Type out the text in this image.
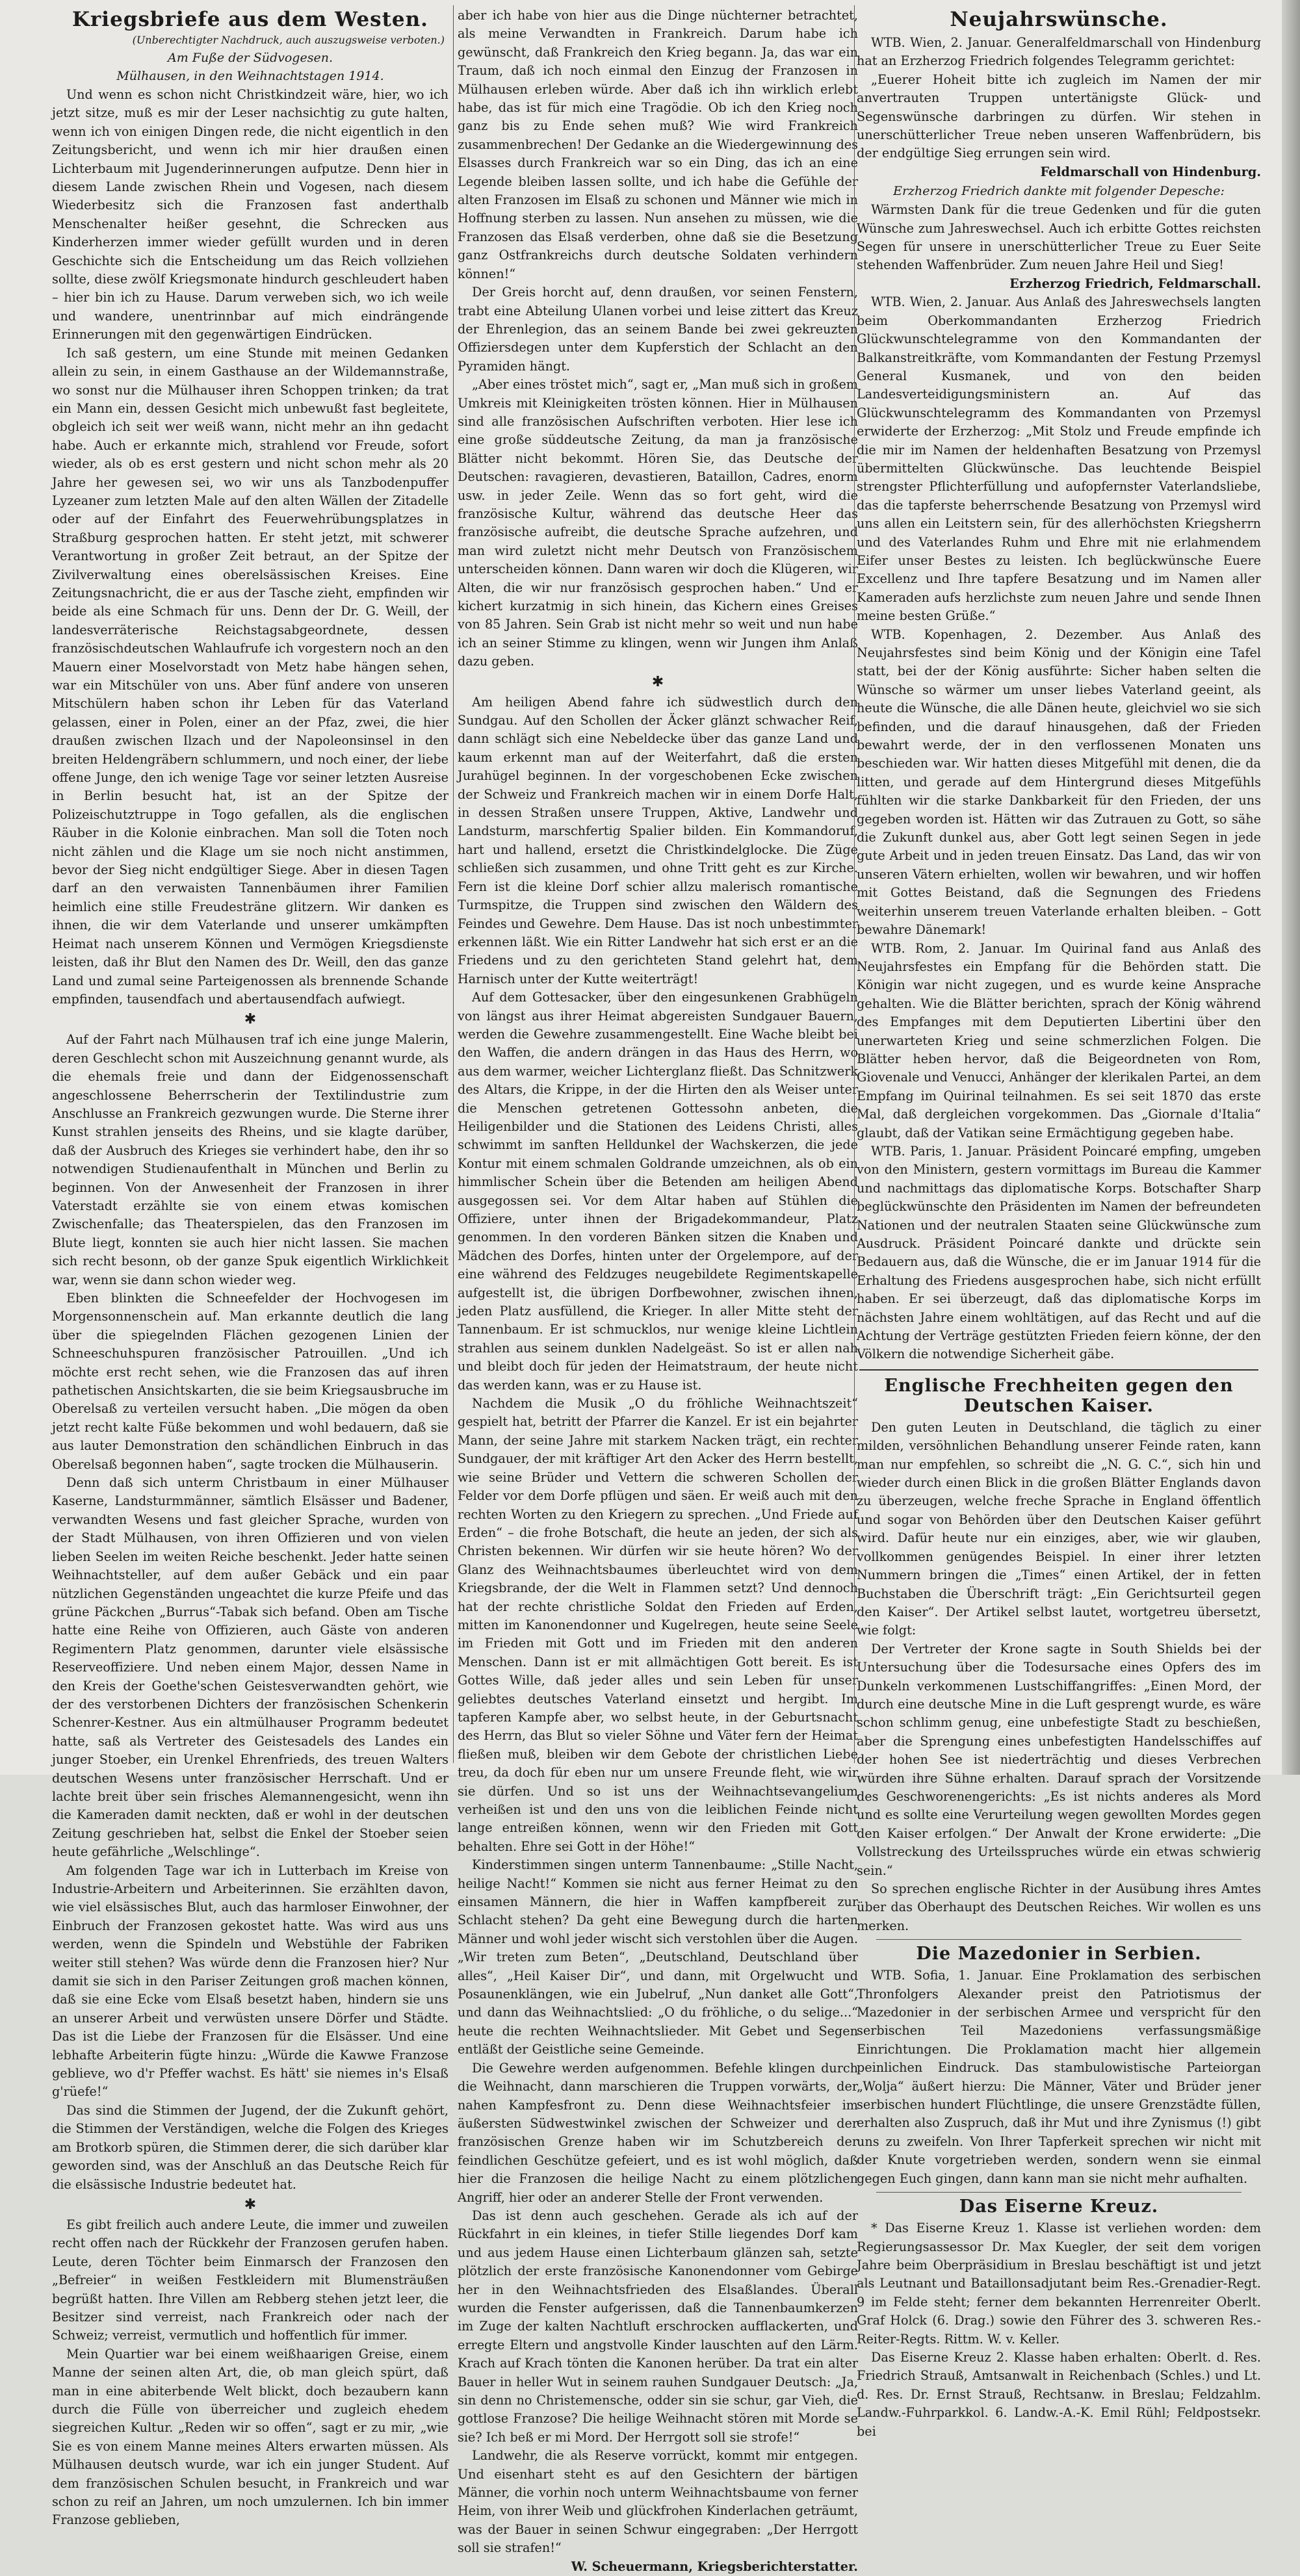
Kriegsbriefe aus dem Westen.

(Unberechtigter Nachdruck, auch auszugsweise verboten.)

Am Fuße der Südvogesen.

Mülhausen, in den Weihnachtstagen 1914.

Und wenn es schon nicht Christkindzeit wäre, hier, wo ich jetzt sitze, muß es mir der Leser nachsichtig zu gute halten, wenn ich von einigen Dingen rede, die nicht eigentlich in den Zeitungsbericht, und wenn ich mir hier draußen einen Lichterbaum mit Jugenderinnerungen aufputze. Denn hier in diesem Lande zwischen Rhein und Vogesen, nach diesem Wiederbesitz sich die Franzosen fast anderthalb Menschenalter heißer gesehnt, die Schrecken aus Kinderherzen immer wieder gefüllt wurden und in deren Geschichte sich die Entscheidung um das Reich vollziehen sollte, diese zwölf Kriegsmonate hindurch geschleudert haben – hier bin ich zu Hause. Darum verweben sich, wo ich weile und wandere, unentrinnbar auf mich eindrängende Erinnerungen mit den gegenwärtigen Eindrücken.

Ich saß gestern, um eine Stunde mit meinen Gedanken allein zu sein, in einem Gasthause an der Wildemannstraße, wo sonst nur die Mülhauser ihren Schoppen trinken; da trat ein Mann ein, dessen Gesicht mich unbewußt fast begleitete, obgleich ich seit wer weiß wann, nicht mehr an ihn gedacht habe. Auch er erkannte mich, strahlend vor Freude, sofort wieder, als ob es erst gestern und nicht schon mehr als 20 Jahre her gewesen sei, wo wir uns als Tanzbodenpuffer Lyzeaner zum letzten Male auf den alten Wällen der Zitadelle oder auf der Einfahrt des Feuerwehrübungsplatzes in Straßburg gesprochen hatten. Er steht jetzt, mit schwerer Verantwortung in großer Zeit betraut, an der Spitze der Zivilverwaltung eines oberelsässischen Kreises. Eine Zeitungsnachricht, die er aus der Tasche zieht, empfinden wir beide als eine Schmach für uns. Denn der Dr. G. Weill, der landesverräterische Reichstagsabgeordnete, dessen französischdeutschen Wahlaufrufe ich vorgestern noch an den Mauern einer Moselvorstadt von Metz habe hängen sehen, war ein Mitschüler von uns. Aber fünf andere von unseren Mitschülern haben schon ihr Leben für das Vaterland gelassen, einer in Polen, einer an der Pfaz, zwei, die hier draußen zwischen Ilzach und der Napoleonsinsel in den breiten Heldengräbern schlummern, und noch einer, der liebe offene Junge, den ich wenige Tage vor seiner letzten Ausreise in Berlin besucht hat, ist an der Spitze der Polizeischutztruppe in Togo gefallen, als die englischen Räuber in die Kolonie einbrachen. Man soll die Toten noch nicht zählen und die Klage um sie noch nicht anstimmen, bevor der Sieg nicht endgültiger Siege. Aber in diesen Tagen darf an den verwaisten Tannenbäumen ihrer Familien heimlich eine stille Freudesträne glitzern. Wir danken es ihnen, die wir dem Vaterlande und unserer umkämpften Heimat nach unserem Können und Vermögen Kriegsdienste leisten, daß ihr Blut den Namen des Dr. Weill, den das ganze Land und zumal seine Parteigenossen als brennende Schande empfinden, tausendfach und abertausendfach aufwiegt.

✱

Auf der Fahrt nach Mülhausen traf ich eine junge Malerin, deren Geschlecht schon mit Auszeichnung genannt wurde, als die ehemals freie und dann der Eidgenossenschaft angeschlossene Beherrscherin der Textilindustrie zum Anschlusse an Frankreich gezwungen wurde. Die Sterne ihrer Kunst strahlen jenseits des Rheins, und sie klagte darüber, daß der Ausbruch des Krieges sie verhindert habe, den ihr so notwendigen Studienaufenthalt in München und Berlin zu beginnen. Von der Anwesenheit der Franzosen in ihrer Vaterstadt erzählte sie von einem etwas komischen Zwischenfalle; das Theaterspielen, das den Franzosen im Blute liegt, konnten sie auch hier nicht lassen. Sie machen sich recht besonn, ob der ganze Spuk eigentlich Wirklichkeit war, wenn sie dann schon wieder weg.

Eben blinkten die Schneefelder der Hochvogesen im Morgensonnenschein auf. Man erkannte deutlich die lang über die spiegelnden Flächen gezogenen Linien der Schneeschuhspuren französischer Patrouillen. „Und ich möchte erst recht sehen, wie die Franzosen das auf ihren pathetischen Ansichtskarten, die sie beim Kriegsausbruche im Oberelsaß zu verteilen versucht haben. „Die mögen da oben jetzt recht kalte Füße bekommen und wohl bedauern, daß sie aus lauter Demonstration den schändlichen Einbruch in das Oberelsaß begonnen haben“, sagte trocken die Mülhauserin.

Denn daß sich unterm Christbaum in einer Mülhauser Kaserne, Landsturmmänner, sämtlich Elsässer und Badener, verwandten Wesens und fast gleicher Sprache, wurden von der Stadt Mülhausen, von ihren Offizieren und von vielen lieben Seelen im weiten Reiche beschenkt. Jeder hatte seinen Weihnachtsteller, auf dem außer Gebäck und ein paar nützlichen Gegenständen ungeachtet die kurze Pfeife und das grüne Päckchen „Burrus“-Tabak sich befand. Oben am Tische hatte eine Reihe von Offizieren, auch Gäste von anderen Regimentern Platz genommen, darunter viele elsässische Reserveoffiziere. Und neben einem Major, dessen Name in den Kreis der Goethe'schen Geistesverwandten gehört, wie der des verstorbenen Dichters der französischen Schenkerin Schenrer-Kestner. Aus ein altmülhauser Programm bedeutet hatte, saß als Vertreter des Geistesadels des Landes ein junger Stoeber, ein Urenkel Ehrenfrieds, des treuen Walters deutschen Wesens unter französischer Herrschaft. Und er lachte breit über sein frisches Alemannengesicht, wenn ihn die Kameraden damit neckten, daß er wohl in der deutschen Zeitung geschrieben hat, selbst die Enkel der Stoeber seien heute gefährliche „Welschlinge“.

Am folgenden Tage war ich in Lutterbach im Kreise von Industrie-Arbeitern und Arbeiterinnen. Sie erzählten davon, wie viel elsässisches Blut, auch das harmloser Einwohner, der Einbruch der Franzosen gekostet hatte. Was wird aus uns werden, wenn die Spindeln und Webstühle der Fabriken weiter still stehen? Was würde denn die Franzosen hier? Nur damit sie sich in den Pariser Zeitungen groß machen können, daß sie eine Ecke vom Elsaß besetzt haben, hindern sie uns an unserer Arbeit und verwüsten unsere Dörfer und Städte. Das ist die Liebe der Franzosen für die Elsässer. Und eine lebhafte Arbeiterin fügte hinzu: „Würde die Kawwe Franzose geblieve, wo d'r Pfeffer wachst. Es hätt' sie niemes in's Elsaß g'rüefe!“

Das sind die Stimmen der Jugend, der die Zukunft gehört, die Stimmen der Verständigen, welche die Folgen des Krieges am Brotkorb spüren, die Stimmen derer, die sich darüber klar geworden sind, was der Anschluß an das Deutsche Reich für die elsässische Industrie bedeutet hat.

✱

Es gibt freilich auch andere Leute, die immer und zuweilen recht offen nach der Rückkehr der Franzosen gerufen haben. Leute, deren Töchter beim Einmarsch der Franzosen den „Befreier“ in weißen Festkleidern mit Blumensträußen begrüßt hatten. Ihre Villen am Rebberg stehen jetzt leer, die Besitzer sind verreist, nach Frankreich oder nach der Schweiz; verreist, vermutlich und hoffentlich für immer.

Mein Quartier war bei einem weißhaarigen Greise, einem Manne der seinen alten Art, die, ob man gleich spürt, daß man in eine abiterbende Welt blickt, doch bezaubern kann durch die Fülle von überreicher und zugleich ehedem siegreichen Kultur. „Reden wir so offen“, sagt er zu mir, „wie Sie es von einem Manne meines Alters erwarten müssen. Als Mülhausen deutsch wurde, war ich ein junger Student. Auf dem französischen Schulen besucht, in Frankreich und war schon zu reif an Jahren, um noch umzulernen. Ich bin immer Franzose geblieben,

aber ich habe von hier aus die Dinge nüchterner betrachtet, als meine Verwandten in Frankreich. Darum habe ich gewünscht, daß Frankreich den Krieg begann. Ja, das war ein Traum, daß ich noch einmal den Einzug der Franzosen in Mülhausen erleben würde. Aber daß ich ihn wirklich erlebt habe, das ist für mich eine Tragödie. Ob ich den Krieg noch ganz bis zu Ende sehen muß? Wie wird Frankreich zusammenbrechen! Der Gedanke an die Wiedergewinnung des Elsasses durch Frankreich war so ein Ding, das ich an eine Legende bleiben lassen sollte, und ich habe die Gefühle der alten Franzosen im Elsaß zu schonen und Männer wie mich in Hoffnung sterben zu lassen. Nun ansehen zu müssen, wie die Franzosen das Elsaß verderben, ohne daß sie die Besetzung ganz Ostfrankreichs durch deutsche Soldaten verhindern können!“

Der Greis horcht auf, denn draußen, vor seinen Fenstern, trabt eine Abteilung Ulanen vorbei und leise zittert das Kreuz der Ehrenlegion, das an seinem Bande bei zwei gekreuzten Offiziersdegen unter dem Kupferstich der Schlacht an den Pyramiden hängt.

„Aber eines tröstet mich“, sagt er, „Man muß sich in großem Umkreis mit Kleinigkeiten trösten können. Hier in Mülhausen sind alle französischen Aufschriften verboten. Hier lese ich eine große süddeutsche Zeitung, da man ja französische Blätter nicht bekommt. Hören Sie, das Deutsche der Deutschen: ravagieren, devastieren, Bataillon, Cadres, enorm usw. in jeder Zeile. Wenn das so fort geht, wird die französische Kultur, während das deutsche Heer das französische aufreibt, die deutsche Sprache aufzehren, und man wird zuletzt nicht mehr Deutsch von Französischem unterscheiden können. Dann waren wir doch die Klügeren, wir Alten, die wir nur französisch gesprochen haben.“ Und er kichert kurzatmig in sich hinein, das Kichern eines Greises von 85 Jahren. Sein Grab ist nicht mehr so weit und nun habe ich an seiner Stimme zu klingen, wenn wir Jungen ihm Anlaß dazu geben.

✱

Am heiligen Abend fahre ich südwestlich durch den Sundgau. Auf den Schollen der Äcker glänzt schwacher Reif, dann schlägt sich eine Nebeldecke über das ganze Land und kaum erkennt man auf der Weiterfahrt, daß die ersten Jurahügel beginnen. In der vorgeschobenen Ecke zwischen der Schweiz und Frankreich machen wir in einem Dorfe Halt, in dessen Straßen unsere Truppen, Aktive, Landwehr und Landsturm, marschfertig Spalier bilden. Ein Kommandoruf, hart und hallend, ersetzt die Christkindelglocke. Die Züge schließen sich zusammen, und ohne Tritt geht es zur Kirche. Fern ist die kleine Dorf schier allzu malerisch romantische Turmspitze, die Truppen sind zwischen den Wäldern des Feindes und Gewehre. Dem Hause. Das ist noch unbestimmter erkennen läßt. Wie ein Ritter Landwehr hat sich erst er an die Friedens und zu den gerichteten Stand gelehrt hat, dem Harnisch unter der Kutte weiterträgt!

Auf dem Gottesacker, über den eingesunkenen Grabhügeln von längst aus ihrer Heimat abgereisten Sundgauer Bauern, werden die Gewehre zusammengestellt. Eine Wache bleibt bei den Waffen, die andern drängen in das Haus des Herrn, wo aus dem warmer, weicher Lichterglanz fließt. Das Schnitzwerk des Altars, die Krippe, in der die Hirten den als Weiser unter die Menschen getretenen Gottessohn anbeten, die Heiligenbilder und die Stationen des Leidens Christi, alles schwimmt im sanften Helldunkel der Wachskerzen, die jede Kontur mit einem schmalen Goldrande umzeichnen, als ob ein himmlischer Schein über die Betenden am heiligen Abend ausgegossen sei. Vor dem Altar haben auf Stühlen die Offiziere, unter ihnen der Brigadekommandeur, Platz genommen. In den vorderen Bänken sitzen die Knaben und Mädchen des Dorfes, hinten unter der Orgelempore, auf der eine während des Feldzuges neugebildete Regimentskapelle aufgestellt ist, die übrigen Dorfbewohner, zwischen ihnen, jeden Platz ausfüllend, die Krieger. In aller Mitte steht der Tannenbaum. Er ist schmucklos, nur wenige kleine Lichtlein strahlen aus seinem dunklen Nadelgeäst. So ist er allen nah und bleibt doch für jeden der Heimatstraum, der heute nicht das werden kann, was er zu Hause ist.

Nachdem die Musik „O du fröhliche Weihnachtszeit“ gespielt hat, betritt der Pfarrer die Kanzel. Er ist ein bejahrter Mann, der seine Jahre mit starkem Nacken trägt, ein rechter Sundgauer, der mit kräftiger Art den Acker des Herrn bestellt, wie seine Brüder und Vettern die schweren Schollen der Felder vor dem Dorfe pflügen und säen. Er weiß auch mit den rechten Worten zu den Kriegern zu sprechen. „Und Friede auf Erden“ – die frohe Botschaft, die heute an jeden, der sich als Christen bekennen. Wir dürfen wir sie heute hören? Wo der Glanz des Weihnachtsbaumes überleuchtet wird von dem Kriegsbrande, der die Welt in Flammen setzt? Und dennoch hat der rechte christliche Soldat den Frieden auf Erden, mitten im Kanonendonner und Kugelregen, heute seine Seele im Frieden mit Gott und im Frieden mit den anderen Menschen. Dann ist er mit allmächtigen Gott bereit. Es ist Gottes Wille, daß jeder alles und sein Leben für unser geliebtes deutsches Vaterland einsetzt und hergibt. Im tapferen Kampfe aber, wo selbst heute, in der Geburtsnacht des Herrn, das Blut so vieler Söhne und Väter fern der Heimat fließen muß, bleiben wir dem Gebote der christlichen Liebe treu, da doch für eben nur um unsere Freunde fleht, wie wir sie dürfen. Und so ist uns der Weihnachtsevangelium verheißen ist und den uns von die leiblichen Feinde nicht lange entreißen können, wenn wir den Frieden mit Gott behalten. Ehre sei Gott in der Höhe!“

Kinderstimmen singen unterm Tannenbaume: „Stille Nacht, heilige Nacht!“ Kommen sie nicht aus ferner Heimat zu den einsamen Männern, die hier in Waffen kampfbereit zur Schlacht stehen? Da geht eine Bewegung durch die harten Männer und wohl jeder wischt sich verstohlen über die Augen. „Wir treten zum Beten“, „Deutschland, Deutschland über alles“, „Heil Kaiser Dir“, und dann, mit Orgelwucht und Posaunenklängen, wie ein Jubelruf, „Nun danket alle Gott“, und dann das Weihnachtslied: „O du fröhliche, o du selige...“ heute die rechten Weihnachtslieder. Mit Gebet und Segen entläßt der Geistliche seine Gemeinde.

Die Gewehre werden aufgenommen. Befehle klingen durch die Weihnacht, dann marschieren die Truppen vorwärts, der nahen Kampfesfront zu. Denn diese Weihnachtsfeier im äußersten Südwestwinkel zwischen der Schweizer und der französischen Grenze haben wir im Schutzbereich der feindlichen Geschütze gefeiert, und es ist wohl möglich, daß hier die Franzosen die heilige Nacht zu einem plötzlichen Angriff, hier oder an anderer Stelle der Front verwenden.

Das ist denn auch geschehen. Gerade als ich auf der Rückfahrt in ein kleines, in tiefer Stille liegendes Dorf kam und aus jedem Hause einen Lichterbaum glänzen sah, setzte plötzlich der erste französische Kanonendonner vom Gebirge her in den Weihnachtsfrieden des Elsaßlandes. Überall wurden die Fenster aufgerissen, daß die Tannenbaumkerzen im Zuge der kalten Nachtluft erschrocken aufflackerten, und erregte Eltern und angstvolle Kinder lauschten auf den Lärm. Krach auf Krach tönten die Kanonen herüber. Da trat ein alter Bauer in heller Wut in seinem rauhen Sundgauer Deutsch: „Ja, sin denn no Christemensche, odder sin sie schur, gar Vieh, die gottlose Franzose? Die heilige Weihnacht stören mit Morde se sie? Ich beß er mi Mord. Der Herrgott soll sie strofe!“

Landwehr, die als Reserve vorrückt, kommt mir entgegen. Und eisenhart steht es auf den Gesichtern der bärtigen Männer, die vorhin noch unterm Weihnachtsbaume von ferner Heim, von ihrer Weib und glückfrohen Kinderlachen geträumt, was der Bauer in seinen Schwur eingegraben: „Der Herrgott soll sie strafen!“

W. Scheuermann, Kriegsberichterstatter.

Neujahrswünsche.

WTB. Wien, 2. Januar. Generalfeldmarschall von Hindenburg hat an Erzherzog Friedrich folgendes Telegramm gerichtet:

„Euerer Hoheit bitte ich zugleich im Namen der mir anvertrauten Truppen untertänigste Glück- und Segenswünsche darbringen zu dürfen. Wir stehen in unerschütterlicher Treue neben unseren Waffenbrüdern, bis der endgültige Sieg errungen sein wird.

Feldmarschall von Hindenburg.

Erzherzog Friedrich dankte mit folgender Depesche:

Wärmsten Dank für die treue Gedenken und für die guten Wünsche zum Jahreswechsel. Auch ich erbitte Gottes reichsten Segen für unsere in unerschütterlicher Treue zu Euer Seite stehenden Waffenbrüder. Zum neuen Jahre Heil und Sieg!

Erzherzog Friedrich, Feldmarschall.

WTB. Wien, 2. Januar. Aus Anlaß des Jahreswechsels langten beim Oberkommandanten Erzherzog Friedrich Glückwunschtelegramme von den Kommandanten der Balkanstreitkräfte, vom Kommandanten der Festung Przemysl General Kusmanek, und von den beiden Landesverteidigungsministern an. Auf das Glückwunschtelegramm des Kommandanten von Przemysl erwiderte der Erzherzog: „Mit Stolz und Freude empfinde ich die mir im Namen der heldenhaften Besatzung von Przemysl übermittelten Glückwünsche. Das leuchtende Beispiel strengster Pflichterfüllung und aufopfernster Vaterlandsliebe, das die tapferste beherrschende Besatzung von Przemysl wird uns allen ein Leitstern sein, für des allerhöchsten Kriegsherrn und des Vaterlandes Ruhm und Ehre mit nie erlahmendem Eifer unser Bestes zu leisten. Ich beglückwünsche Euere Excellenz und Ihre tapfere Besatzung und im Namen aller Kameraden aufs herzlichste zum neuen Jahre und sende Ihnen meine besten Grüße.“

WTB. Kopenhagen, 2. Dezember. Aus Anlaß des Neujahrsfestes sind beim König und der Königin eine Tafel statt, bei der der König ausführte: Sicher haben selten die Wünsche so wärmer um unser liebes Vaterland geeint, als heute die Wünsche, die alle Dänen heute, gleichviel wo sie sich befinden, und die darauf hinausgehen, daß der Frieden bewahrt werde, der in den verflossenen Monaten uns beschieden war. Wir hatten dieses Mitgefühl mit denen, die da litten, und gerade auf dem Hintergrund dieses Mitgefühls fühlten wir die starke Dankbarkeit für den Frieden, der uns gegeben worden ist. Hätten wir das Zutrauen zu Gott, so sähe die Zukunft dunkel aus, aber Gott legt seinen Segen in jede gute Arbeit und in jeden treuen Einsatz. Das Land, das wir von unseren Vätern erhielten, wollen wir bewahren, und wir hoffen mit Gottes Beistand, daß die Segnungen des Friedens weiterhin unserem treuen Vaterlande erhalten bleiben. – Gott bewahre Dänemark!

WTB. Rom, 2. Januar. Im Quirinal fand aus Anlaß des Neujahrsfestes ein Empfang für die Behörden statt. Die Königin war nicht zugegen, und es wurde keine Ansprache gehalten. Wie die Blätter berichten, sprach der König während des Empfanges mit dem Deputierten Libertini über den unerwarteten Krieg und seine schmerzlichen Folgen. Die Blätter heben hervor, daß die Beigeordneten von Rom, Giovenale und Venucci, Anhänger der klerikalen Partei, an dem Empfang im Quirinal teilnahmen. Es sei seit 1870 das erste Mal, daß dergleichen vorgekommen. Das „Giornale d'Italia“ glaubt, daß der Vatikan seine Ermächtigung gegeben habe.

WTB. Paris, 1. Januar. Präsident Poincaré empfing, umgeben von den Ministern, gestern vormittags im Bureau die Kammer und nachmittags das diplomatische Korps. Botschafter Sharp beglückwünschte den Präsidenten im Namen der befreundeten Nationen und der neutralen Staaten seine Glückwünsche zum Ausdruck. Präsident Poincaré dankte und drückte sein Bedauern aus, daß die Wünsche, die er im Januar 1914 für die Erhaltung des Friedens ausgesprochen habe, sich nicht erfüllt haben. Er sei überzeugt, daß das diplomatische Korps im nächsten Jahre einem wohltätigen, auf das Recht und auf die Achtung der Verträge gestützten Frieden feiern könne, der den Völkern die notwendige Sicherheit gäbe.

Englische Frechheiten gegen den Deutschen Kaiser.

Den guten Leuten in Deutschland, die täglich zu einer milden, versöhnlichen Behandlung unserer Feinde raten, kann man nur empfehlen, so schreibt die „N. G. C.“, sich hin und wieder durch einen Blick in die großen Blätter Englands davon zu überzeugen, welche freche Sprache in England öffentlich und sogar von Behörden über den Deutschen Kaiser geführt wird. Dafür heute nur ein einziges, aber, wie wir glauben, vollkommen genügendes Beispiel. In einer ihrer letzten Nummern bringen die „Times“ einen Artikel, der in fetten Buchstaben die Überschrift trägt: „Ein Gerichtsurteil gegen den Kaiser“. Der Artikel selbst lautet, wortgetreu übersetzt, wie folgt:

Der Vertreter der Krone sagte in South Shields bei der Untersuchung über die Todesursache eines Opfers des im Dunkeln verkommenen Lustschiffangriffes: „Einen Mord, der durch eine deutsche Mine in die Luft gesprengt wurde, es wäre schon schlimm genug, eine unbefestigte Stadt zu beschießen, aber die Sprengung eines unbefestigten Handelsschiffes auf der hohen See ist niederträchtig und dieses Verbrechen würden ihre Sühne erhalten. Darauf sprach der Vorsitzende des Geschworenengerichts: „Es ist nichts anderes als Mord und es sollte eine Verurteilung wegen gewollten Mordes gegen den Kaiser erfolgen.“ Der Anwalt der Krone erwiderte: „Die Vollstreckung des Urteilsspruches würde ein etwas schwierig sein.“

So sprechen englische Richter in der Ausübung ihres Amtes über das Oberhaupt des Deutschen Reiches. Wir wollen es uns merken.

Die Mazedonier in Serbien.

WTB. Sofia, 1. Januar. Eine Proklamation des serbischen Thronfolgers Alexander preist den Patriotismus der Mazedonier in der serbischen Armee und verspricht für den serbischen Teil Mazedoniens verfassungsmäßige Einrichtungen. Die Proklamation macht hier allgemein peinlichen Eindruck. Das stambulowistische Parteiorgan „Wolja“ äußert hierzu: Die Männer, Väter und Brüder jener serbischen hundert Flüchtlinge, die unsere Grenzstädte füllen, erhalten also Zuspruch, daß ihr Mut und ihre Zynismus (!) gibt uns zu zweifeln. Von Ihrer Tapferkeit sprechen wir nicht mit der Knute vorgetrieben werden, sondern wenn sie einmal gegen Euch gingen, dann kann man sie nicht mehr aufhalten.

Das Eiserne Kreuz.

* Das Eiserne Kreuz 1. Klasse ist verliehen worden: dem Regierungsassessor Dr. Max Kuegler, der seit dem vorigen Jahre beim Oberpräsidium in Breslau beschäftigt ist und jetzt als Leutnant und Bataillonsadjutant beim Res.-Grenadier-Regt. 9 im Felde steht; ferner dem bekannten Herrenreiter Oberlt. Graf Holck (6. Drag.) sowie den Führer des 3. schweren Res.-Reiter-Regts. Rittm. W. v. Keller.

Das Eiserne Kreuz 2. Klasse haben erhalten: Oberlt. d. Res. Friedrich Strauß, Amtsanwalt in Reichenbach (Schles.) und Lt. d. Res. Dr. Ernst Strauß, Rechtsanw. in Breslau; Feldzahlm. Landw.-Fuhrparkkol. 6. Landw.-A.-K. Emil Rühl; Feldpostsekr. bei
